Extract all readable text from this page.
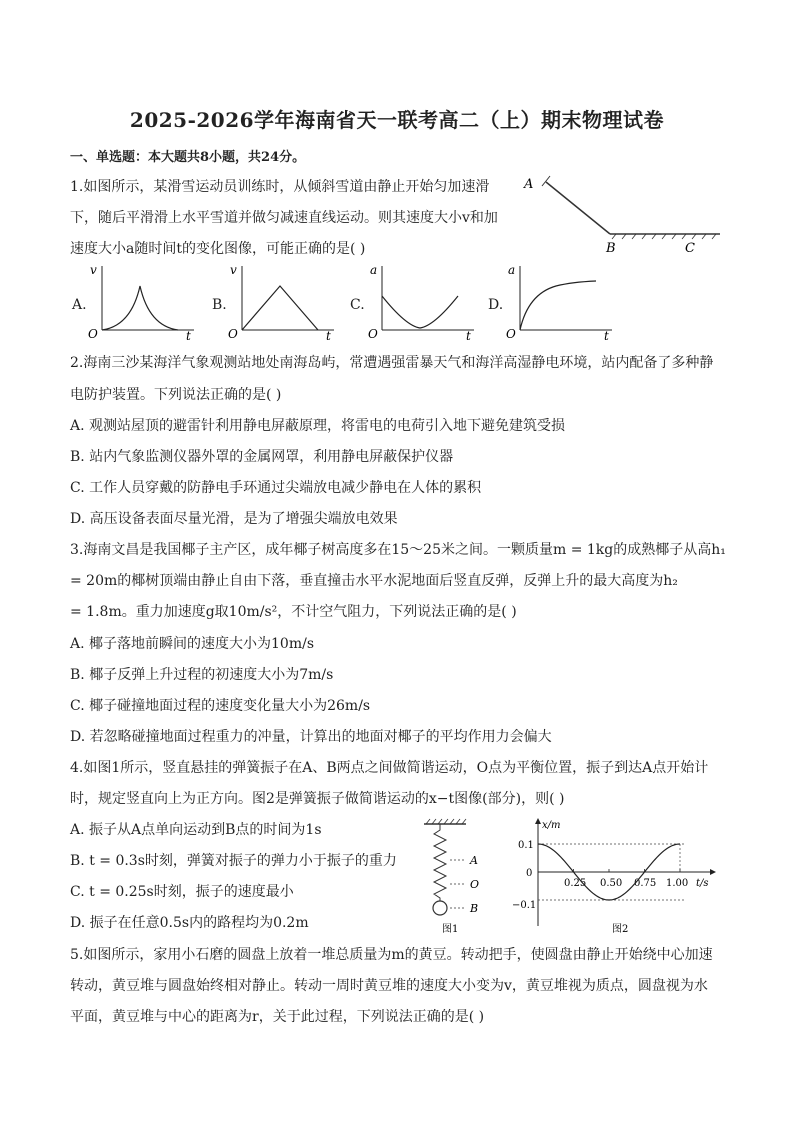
2025-2026学年海南省天一联考高二（上）期末物理试卷
一、单选题：本大题共8小题，共24分。
1.如图所示，某滑雪运动员训练时，从倾斜雪道由静止开始匀加速滑
下，随后平滑滑上水平雪道并做匀减速直线运动。则其速度大小v和加
速度大小a随时间t的变化图像，可能正确的是( )
A
B	C
A.
v
t
O
B.
v
t
O
C.
a
t
O
D.
a
t
O
2.海南三沙某海洋气象观测站地处南海岛屿，常遭遇强雷暴天气和海洋高湿静电环境，站内配备了多种静
电防护装置。下列说法正确的是( )
A. 观测站屋顶的避雷针利用静电屏蔽原理，将雷电的电荷引入地下避免建筑受损
B. 站内气象监测仪器外罩的金属网罩，利用静电屏蔽保护仪器
C. 工作人员穿戴的防静电手环通过尖端放电减少静电在人体的累积
D. 高压设备表面尽量光滑，是为了增强尖端放电效果
3.海南文昌是我国椰子主产区，成年椰子树高度多在15～25米之间。一颗质量m = 1kg的成熟椰子从高h₁
= 20m的椰树顶端由静止自由下落，垂直撞击水平水泥地面后竖直反弹，反弹上升的最大高度为h₂
= 1.8m。重力加速度g取10m/s²，不计空气阻力，下列说法正确的是( )
A. 椰子落地前瞬间的速度大小为10m/s
B. 椰子反弹上升过程的初速度大小为7m/s
C. 椰子碰撞地面过程的速度变化量大小为26m/s
D. 若忽略碰撞地面过程重力的冲量，计算出的地面对椰子的平均作用力会偏大
4.如图1所示，竖直悬挂的弹簧振子在A、B两点之间做简谐运动，O点为平衡位置，振子到达A点开始计
时，规定竖直向上为正方向。图2是弹簧振子做简谐运动的x−t图像(部分)，则( )
A. 振子从A点单向运动到B点的时间为1s
B. t = 0.3s时刻，弹簧对振子的弹力小于振子的重力
C. t = 0.25s时刻，振子的速度最小
D. 振子在任意0.5s内的路程均为0.2m
A
O
B
图1
x/m
t/s
0.1
0
−0.1
0.25 0.50 0.75 1.00
图2
5.如图所示，家用小石磨的圆盘上放着一堆总质量为m的黄豆。转动把手，使圆盘由静止开始绕中心加速
转动，黄豆堆与圆盘始终相对静止。转动一周时黄豆堆的速度大小变为v，黄豆堆视为质点，圆盘视为水
平面，黄豆堆与中心的距离为r，关于此过程，下列说法正确的是( )
